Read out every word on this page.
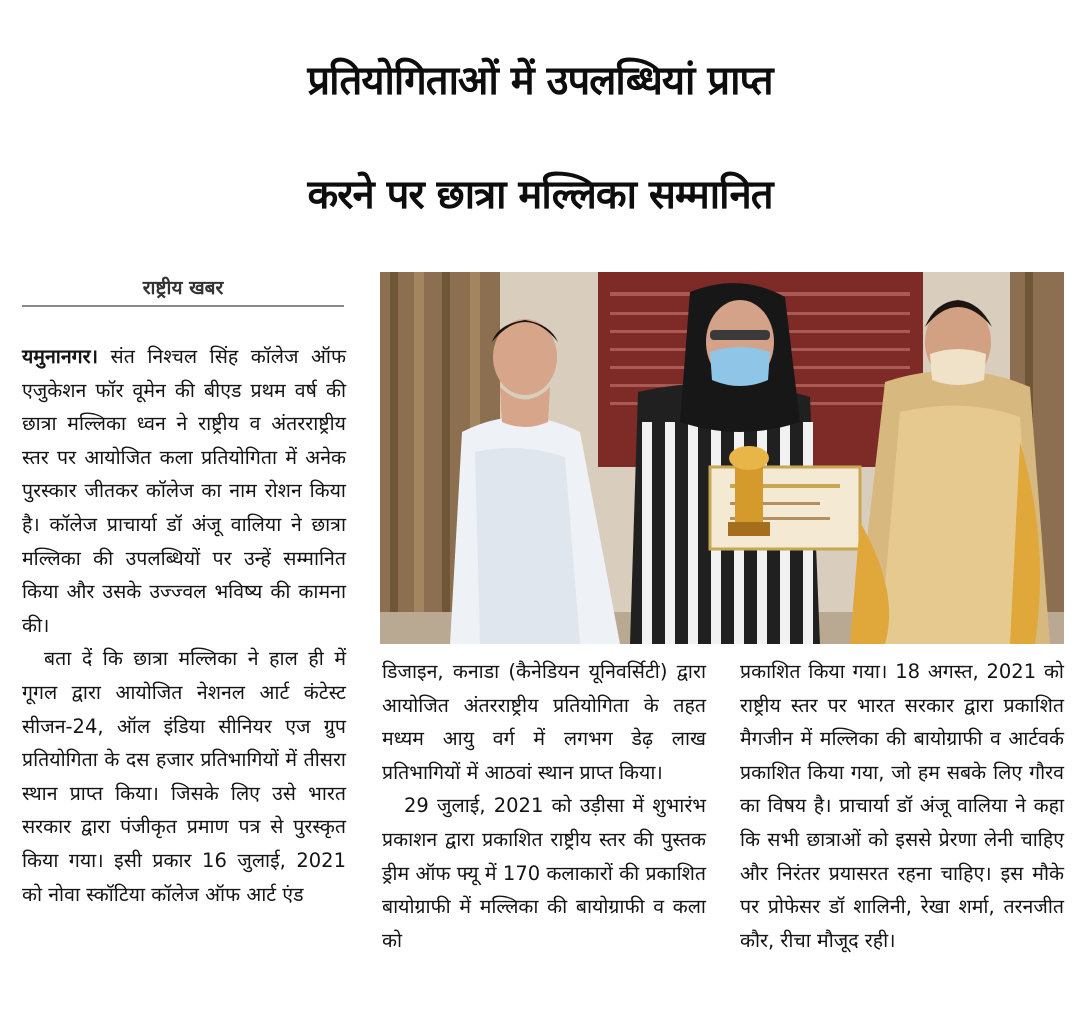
प्रतियोगिताओं में उपलब्धियां प्राप्त
करने पर छात्रा मल्लिका सम्मानित
राष्ट्रीय खबर

यमुनानगर। संत निश्चल सिंह कॉलेज ऑफ एजुकेशन फॉर वूमेन की बीएड प्रथम वर्ष की छात्रा मल्लिका ध्वन ने राष्ट्रीय व अंतरराष्ट्रीय स्तर पर आयोजित कला प्रतियोगिता में अनेक पुरस्कार जीतकर कॉलेज का नाम रोशन किया है। कॉलेज प्राचार्या डॉ अंजू वालिया ने छात्रा मल्लिका की उपलब्धियों पर उन्हें सम्मानित किया और उसके उज्ज्वल भविष्य की कामना की।

बता दें कि छात्रा मल्लिका ने हाल ही में गूगल द्वारा आयोजित नेशनल आर्ट कंटेस्ट सीजन-24, ऑल इंडिया सीनियर एज ग्रुप प्रतियोगिता के दस हजार प्रतिभागियों में तीसरा स्थान प्राप्त किया। जिसके लिए उसे भारत सरकार द्वारा पंजीकृत प्रमाण पत्र से पुरस्कृत किया गया। इसी प्रकार 16 जुलाई, 2021 को नोवा स्कॉटिया कॉलेज ऑफ आर्ट एंड

डिजाइन, कनाडा (कैनेडियन यूनिवर्सिटी) द्वारा आयोजित अंतरराष्ट्रीय प्रतियोगिता के तहत मध्यम आयु वर्ग में लगभग डेढ़ लाख प्रतिभागियों में आठवां स्थान प्राप्त किया।

29 जुलाई, 2021 को उड़ीसा में शुभारंभ प्रकाशन द्वारा प्रकाशित राष्ट्रीय स्तर की पुस्तक ड्रीम ऑफ फ्यू में 170 कलाकारों की प्रकाशित बायोग्राफी में मल्लिका की बायोग्राफी व कला को

प्रकाशित किया गया। 18 अगस्त, 2021 को राष्ट्रीय स्तर पर भारत सरकार द्वारा प्रकाशित मैगजीन में मल्लिका की बायोग्राफी व आर्टवर्क प्रकाशित किया गया, जो हम सबके लिए गौरव का विषय है। प्राचार्या डॉ अंजू वालिया ने कहा कि सभी छात्राओं को इससे प्रेरणा लेनी चाहिए और निरंतर प्रयासरत रहना चाहिए। इस मौके पर प्रोफेसर डॉ शालिनी, रेखा शर्मा, तरनजीत कौर, रीचा मौजूद रही।
